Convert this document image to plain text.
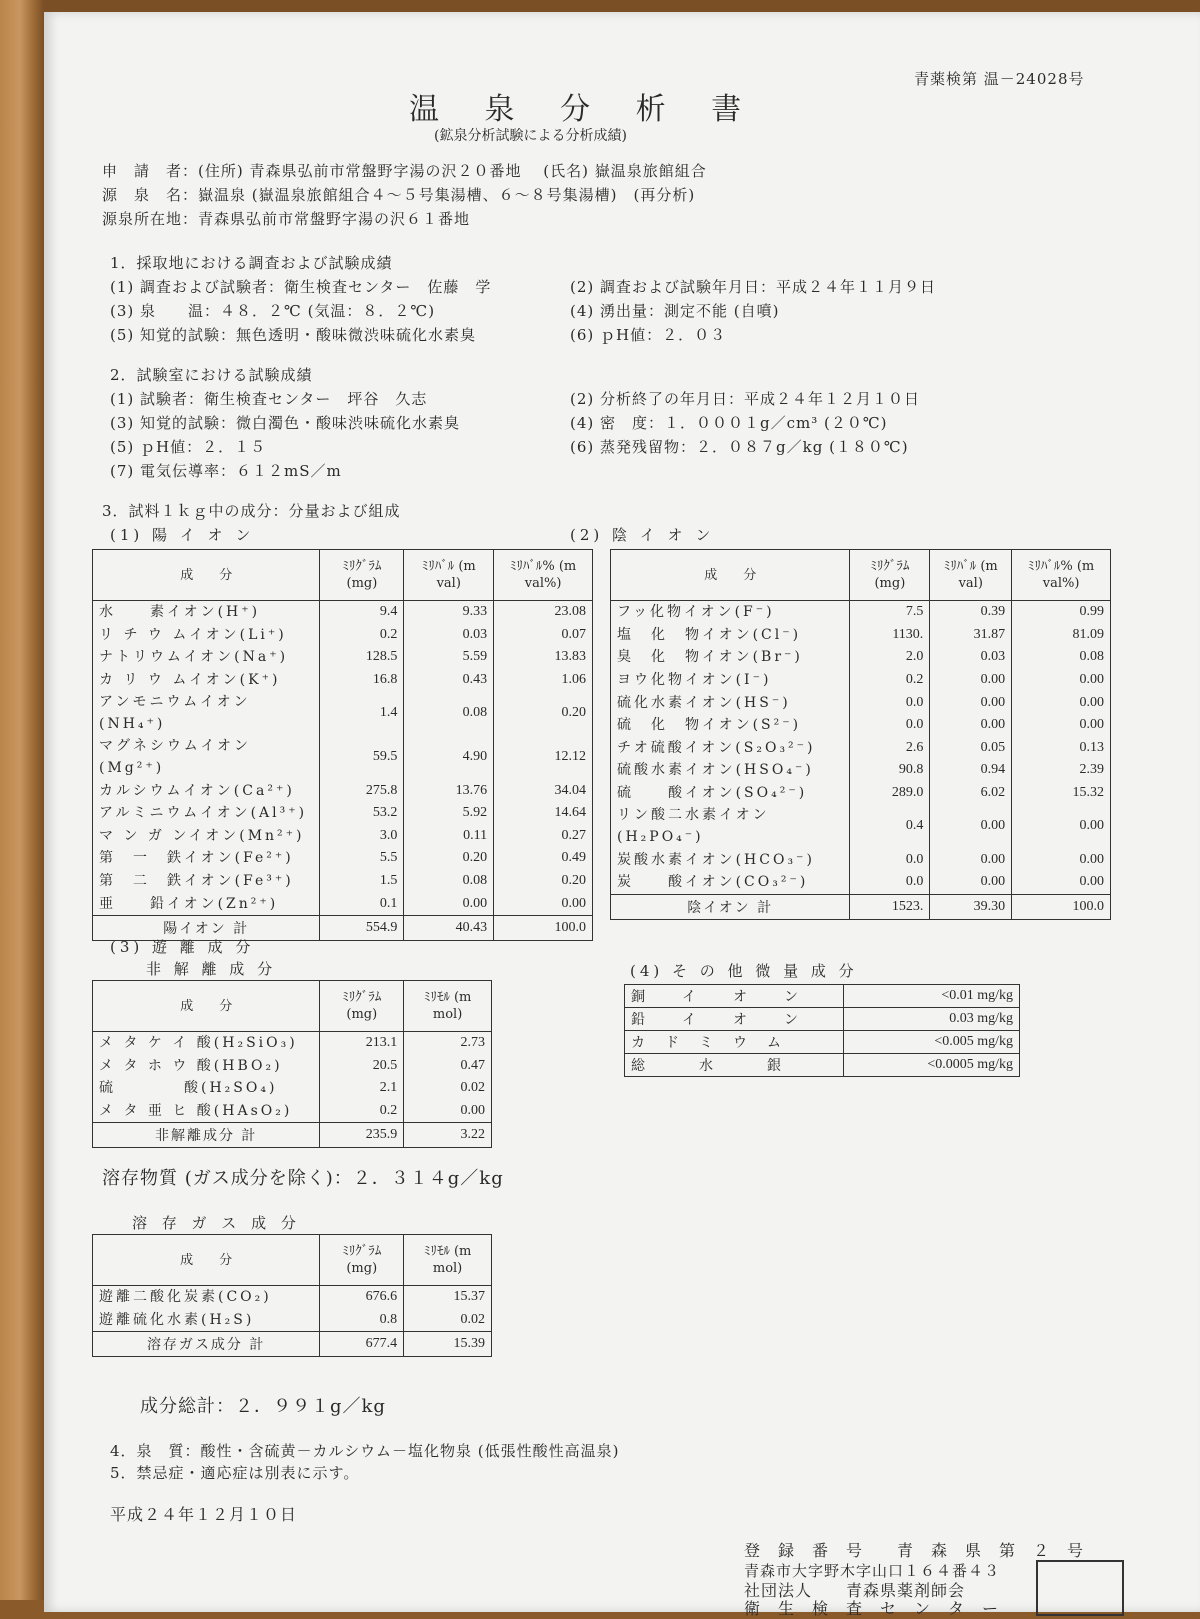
青薬検第 温－24028号
温 泉 分 析 書
(鉱泉分析試験による分析成績)
申　請　者：(住所) 青森県弘前市常盤野字湯の沢２０番地　 (氏名) 嶽温泉旅館組合
源　泉　名：嶽温泉 (嶽温泉旅館組合４～５号集湯槽、６～８号集湯槽)　(再分析)
源泉所在地：青森県弘前市常盤野字湯の沢６１番地
1．採取地における調査および試験成績
(1) 調査および試験者：衛生検査センター　佐藤　学	(2) 調査および試験年月日：平成２４年１１月９日
(3) 泉　　温：４８．２℃ (気温：８．２℃)	(4) 湧出量：測定不能 (自噴)
(5) 知覚的試験：無色透明・酸味微渋味硫化水素臭	(6) ｐH値：２．０３
2．試験室における試験成績
(1) 試験者：衛生検査センター　坪谷　久志	(2) 分析終了の年月日：平成２４年１２月１０日
(3) 知覚的試験：微白濁色・酸味渋味硫化水素臭	(4) 密　度：１．０００１g／cm³ (２０℃)
(5) ｐH値：２．１５	(6) 蒸発残留物：２．０８７g／kg (１８０℃)
(7) 電気伝導率：６１２mS／m
3．試料１ｋｇ中の成分：分量および組成
(1) 陽 イ オ ン	(2) 陰 イ オ ン
成　　分	ﾐﾘｸﾞﾗﾑ (mg)	ﾐﾘﾊﾞﾙ (m val)	ﾐﾘﾊﾞﾙ% (m val%)
水　　素イオン(H⁺)	9.4	9.33	23.08
リ チ ウ ムイオン(Li⁺)	0.2	0.03	0.07
ナトリウムイオン(Na⁺)	128.5	5.59	13.83
カ リ ウ ムイオン(K⁺)	16.8	0.43	1.06
アンモニウムイオン(NH₄⁺)	1.4	0.08	0.20
マグネシウムイオン(Mg²⁺)	59.5	4.90	12.12
カルシウムイオン(Ca²⁺)	275.8	13.76	34.04
アルミニウムイオン(Al³⁺)	53.2	5.92	14.64
マ ン ガ ンイオン(Mn²⁺)	3.0	0.11	0.27
第　一　鉄イオン(Fe²⁺)	5.5	0.20	0.49
第　二　鉄イオン(Fe³⁺)	1.5	0.08	0.20
亜　　鉛イオン(Zn²⁺)	0.1	0.00	0.00
陽イオン 計	554.9	40.43	100.0
成　　分	ﾐﾘｸﾞﾗﾑ (mg)	ﾐﾘﾊﾞﾙ (m val)	ﾐﾘﾊﾞﾙ% (m val%)
フッ化物イオン(F⁻)	7.5	0.39	0.99
塩　化　物イオン(Cl⁻)	1130.	31.87	81.09
臭　化　物イオン(Br⁻)	2.0	0.03	0.08
ヨウ化物イオン(I⁻)	0.2	0.00	0.00
硫化水素イオン(HS⁻)	0.0	0.00	0.00
硫　化　物イオン(S²⁻)	0.0	0.00	0.00
チオ硫酸イオン(S₂O₃²⁻)	2.6	0.05	0.13
硫酸水素イオン(HSO₄⁻)	90.8	0.94	2.39
硫　　酸イオン(SO₄²⁻)	289.0	6.02	15.32
リン酸二水素イオン(H₂PO₄⁻)	0.4	0.00	0.00
炭酸水素イオン(HCO₃⁻)	0.0	0.00	0.00
炭　　酸イオン(CO₃²⁻)	0.0	0.00	0.00
陰イオン 計	1523.	39.30	100.0
(3) 遊 離 成 分
非 解 離 成 分
成　　分	ﾐﾘｸﾞﾗﾑ (mg)	ﾐﾘﾓﾙ (m mol)
メ タ ケ イ 酸(H₂SiO₃)	213.1	2.73
メ タ ホ ウ 酸(HBO₂)	20.5	0.47
硫　　　　酸(H₂SO₄)	2.1	0.02
メ タ 亜 ヒ 酸(HAsO₂)	0.2	0.00
非解離成分 計	235.9	3.22
(4) そ の 他 微 量 成 分
銅　　イ　　オ　　ン	<0.01 mg/kg
鉛　　イ　　オ　　ン	0.03 mg/kg
カ　ド　ミ　ウ　ム	<0.005 mg/kg
総　　　水　　　銀	<0.0005 mg/kg
溶存物質 (ガス成分を除く)：２．３１４g／kg
溶 存 ガ ス 成 分
成　　分	ﾐﾘｸﾞﾗﾑ (mg)	ﾐﾘﾓﾙ (m mol)
遊離二酸化炭素(CO₂)	676.6	15.37
遊離硫化水素(H₂S)	0.8	0.02
溶存ガス成分 計	677.4	15.39
成分総計：２．９９１g／kg
4．泉　質：酸性・含硫黄－カルシウム－塩化物泉 (低張性酸性高温泉)
5．禁忌症・適応症は別表に示す。
平成２４年１２月１０日
登　録　番　号　　青　森　県　第　２　号
青森市大字野木字山口１６４番４３
社団法人　　青森県薬剤師会
衛　生　検　査　セ　ン　タ　ー
